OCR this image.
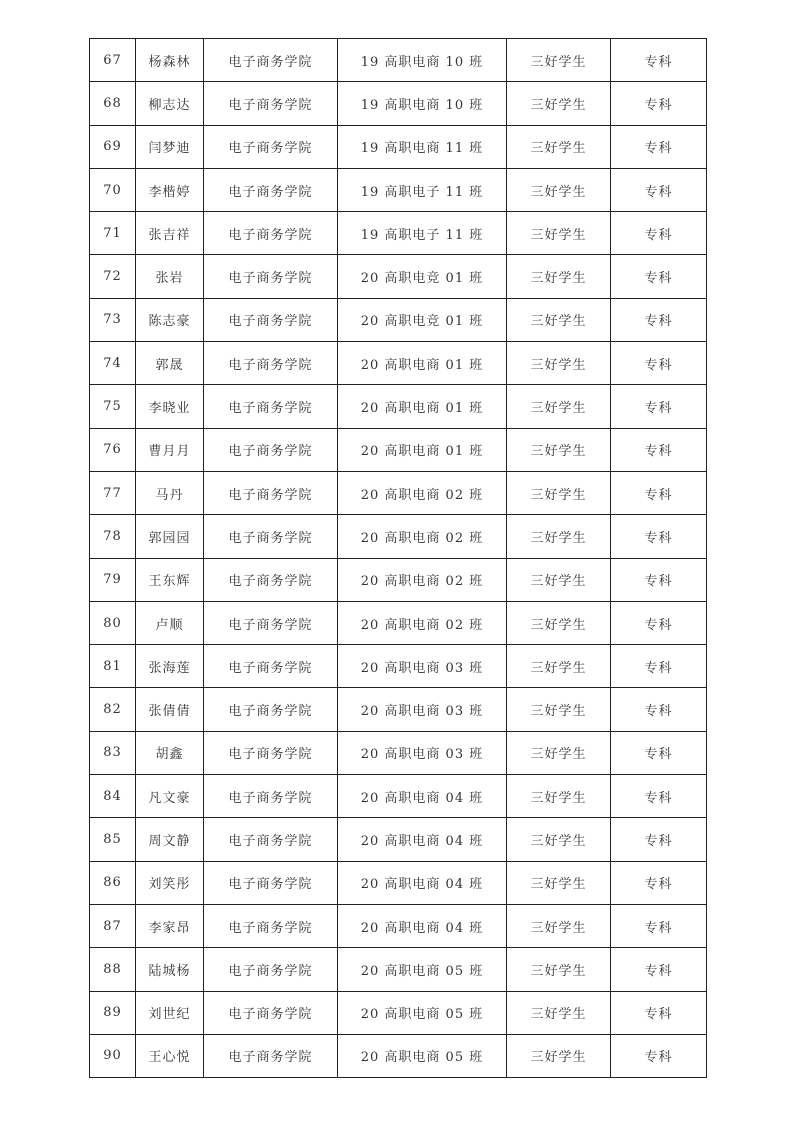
67	杨森林	电子商务学院	19 高职电商 10 班	三好学生	专科
68	柳志达	电子商务学院	19 高职电商 10 班	三好学生	专科
69	闫梦迪	电子商务学院	19 高职电商 11 班	三好学生	专科
70	李楷婷	电子商务学院	19 高职电子 11 班	三好学生	专科
71	张吉祥	电子商务学院	19 高职电子 11 班	三好学生	专科
72	张岩	电子商务学院	20 高职电竞 01 班	三好学生	专科
73	陈志豪	电子商务学院	20 高职电竞 01 班	三好学生	专科
74	郭晟	电子商务学院	20 高职电商 01 班	三好学生	专科
75	李晓业	电子商务学院	20 高职电商 01 班	三好学生	专科
76	曹月月	电子商务学院	20 高职电商 01 班	三好学生	专科
77	马丹	电子商务学院	20 高职电商 02 班	三好学生	专科
78	郭园园	电子商务学院	20 高职电商 02 班	三好学生	专科
79	王东辉	电子商务学院	20 高职电商 02 班	三好学生	专科
80	卢顺	电子商务学院	20 高职电商 02 班	三好学生	专科
81	张海莲	电子商务学院	20 高职电商 03 班	三好学生	专科
82	张倩倩	电子商务学院	20 高职电商 03 班	三好学生	专科
83	胡鑫	电子商务学院	20 高职电商 03 班	三好学生	专科
84	凡文豪	电子商务学院	20 高职电商 04 班	三好学生	专科
85	周文静	电子商务学院	20 高职电商 04 班	三好学生	专科
86	刘笑彤	电子商务学院	20 高职电商 04 班	三好学生	专科
87	李家昂	电子商务学院	20 高职电商 04 班	三好学生	专科
88	陆城杨	电子商务学院	20 高职电商 05 班	三好学生	专科
89	刘世纪	电子商务学院	20 高职电商 05 班	三好学生	专科
90	王心悦	电子商务学院	20 高职电商 05 班	三好学生	专科
